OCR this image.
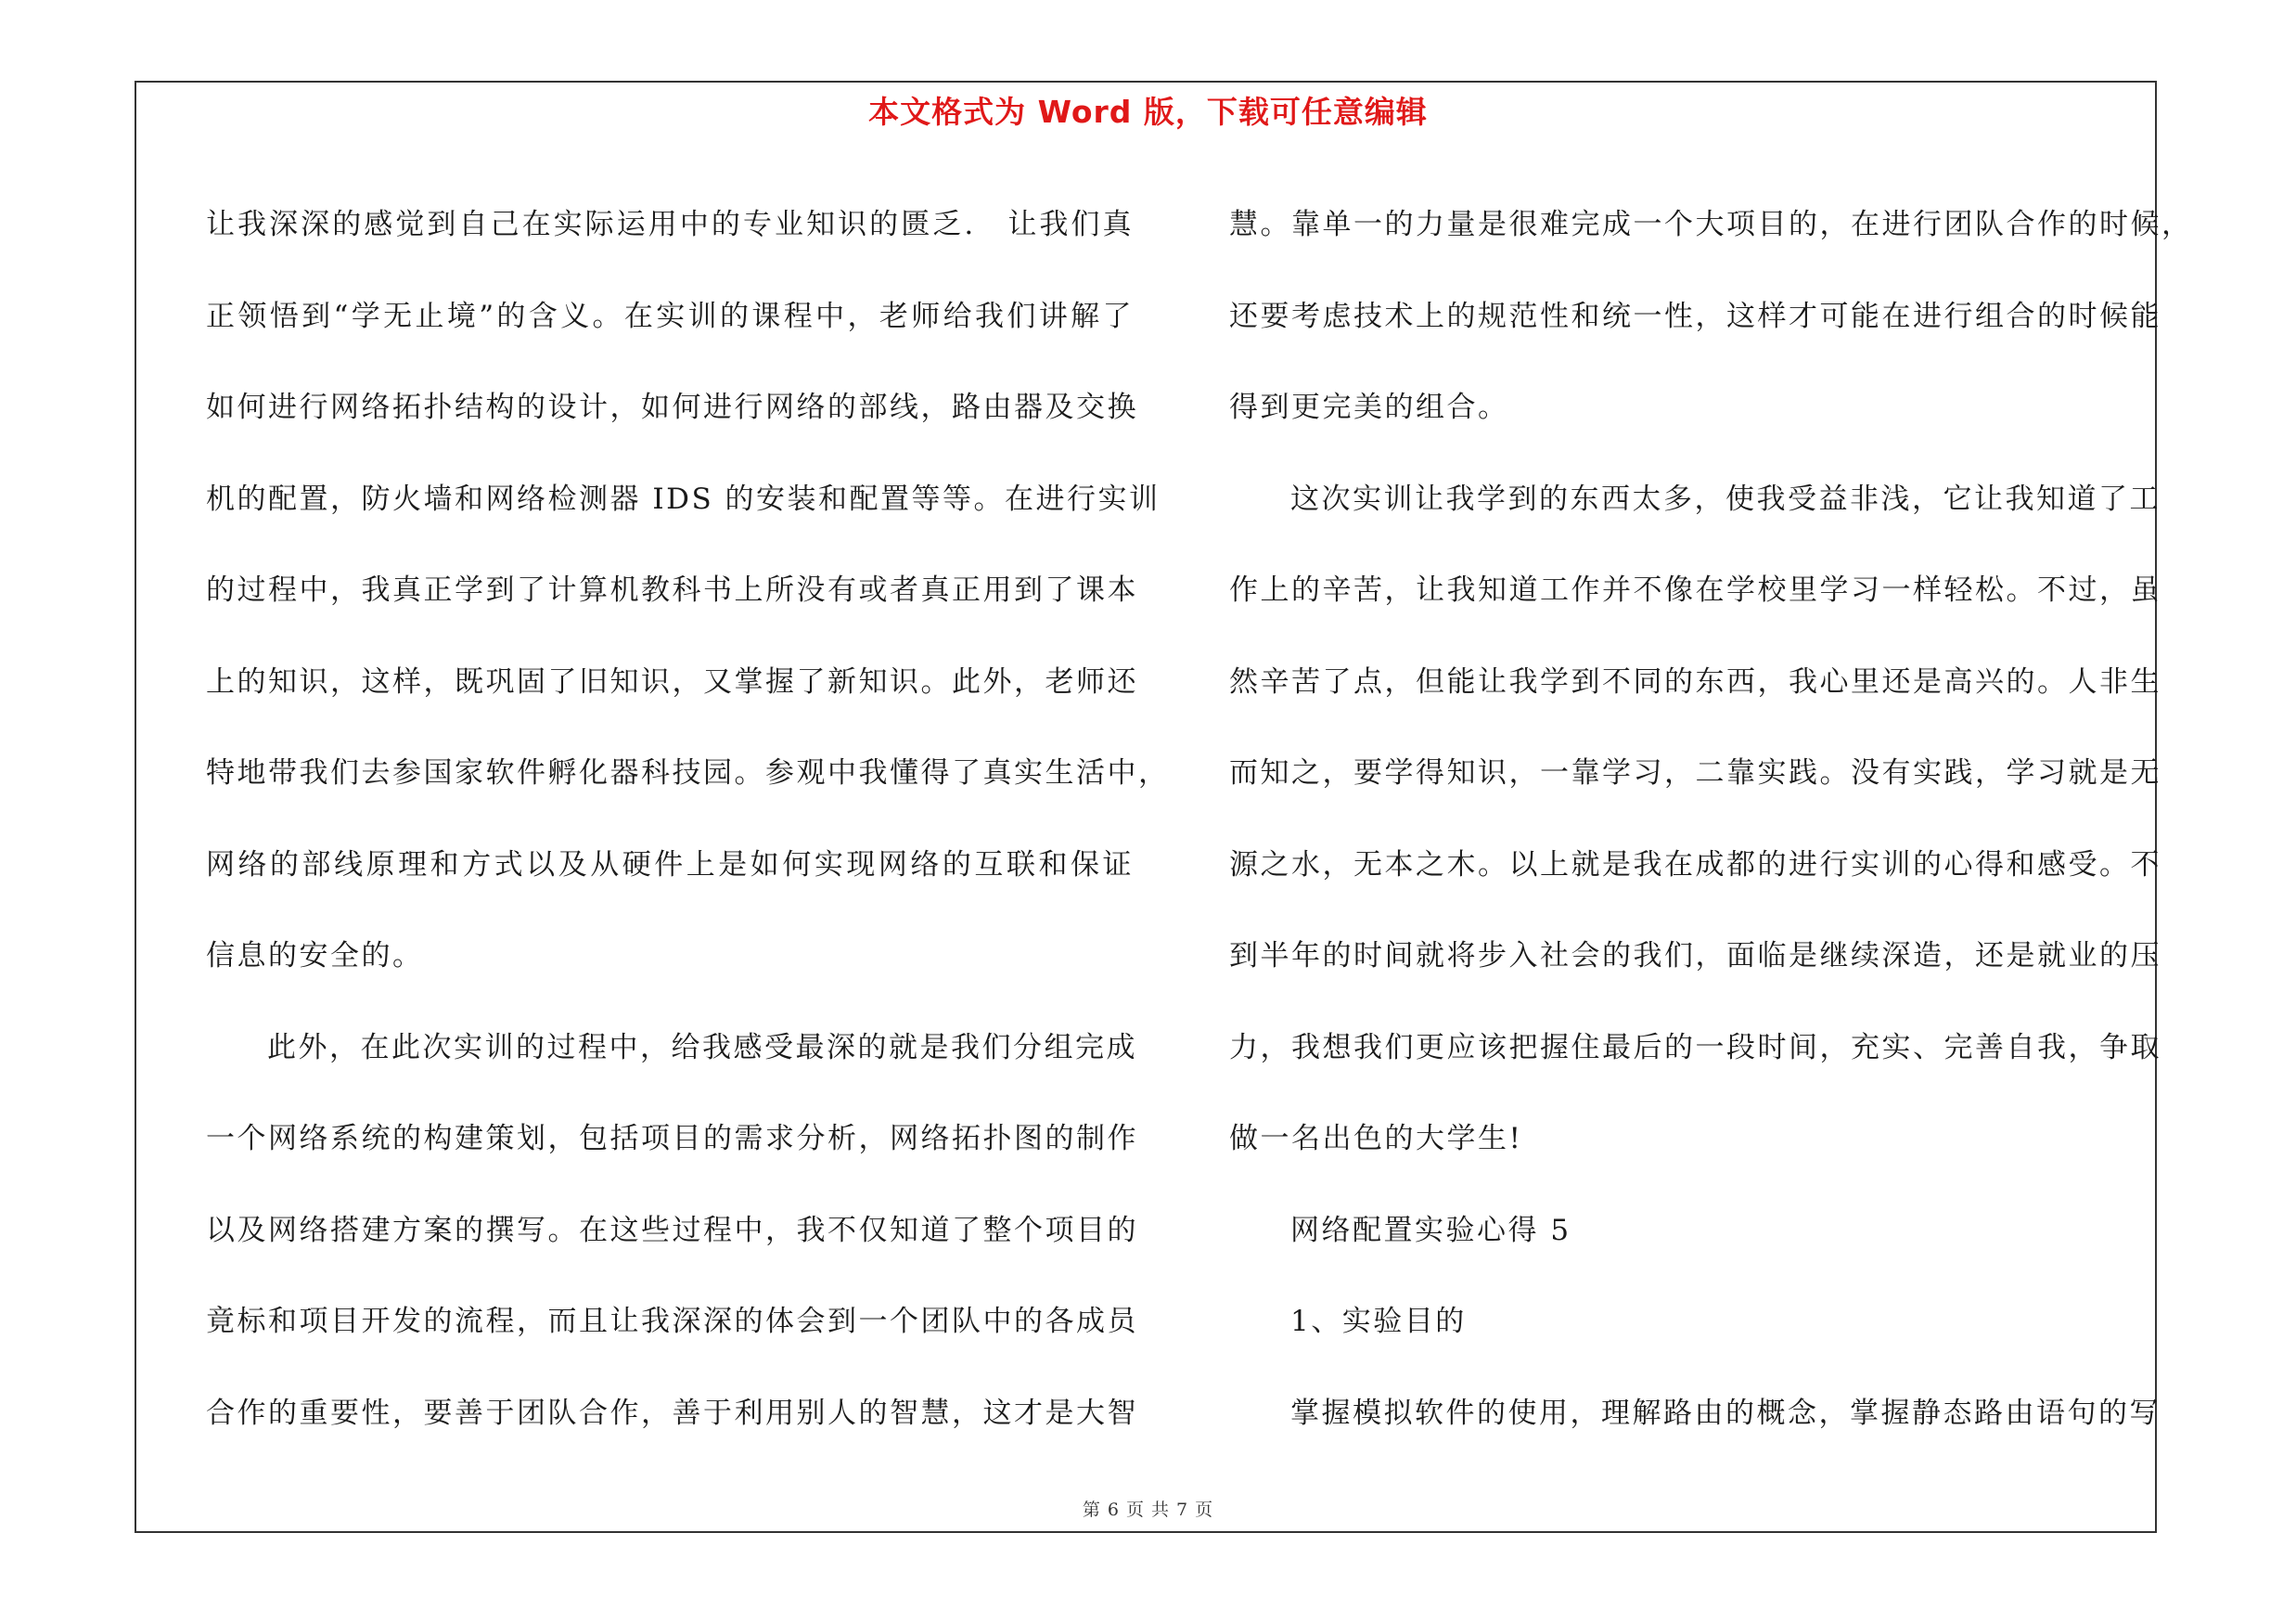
本文格式为 Word 版，下载可任意编辑
让我深深的感觉到自己在实际运用中的专业知识的匮乏.　让我们真
正领悟到“学无止境”的含义。在实训的课程中，老师给我们讲解了
如何进行网络拓扑结构的设计，如何进行网络的部线，路由器及交换
机的配置，防火墙和网络检测器 IDS 的安装和配置等等。在进行实训
的过程中，我真正学到了计算机教科书上所没有或者真正用到了课本
上的知识，这样，既巩固了旧知识，又掌握了新知识。此外，老师还
特地带我们去参国家软件孵化器科技园。参观中我懂得了真实生活中，
网络的部线原理和方式以及从硬件上是如何实现网络的互联和保证
信息的安全的。
此外，在此次实训的过程中，给我感受最深的就是我们分组完成
一个网络系统的构建策划，包括项目的需求分析，网络拓扑图的制作
以及网络搭建方案的撰写。在这些过程中，我不仅知道了整个项目的
竟标和项目开发的流程，而且让我深深的体会到一个团队中的各成员
合作的重要性，要善于团队合作，善于利用别人的智慧，这才是大智
慧。靠单一的力量是很难完成一个大项目的，在进行团队合作的时候，
还要考虑技术上的规范性和统一性，这样才可能在进行组合的时候能
得到更完美的组合。
这次实训让我学到的东西太多，使我受益非浅，它让我知道了工
作上的辛苦，让我知道工作并不像在学校里学习一样轻松。不过，虽
然辛苦了点，但能让我学到不同的东西，我心里还是高兴的。人非生
而知之，要学得知识，一靠学习，二靠实践。没有实践，学习就是无
源之水，无本之木。以上就是我在成都的进行实训的心得和感受。不
到半年的时间就将步入社会的我们，面临是继续深造，还是就业的压
力，我想我们更应该把握住最后的一段时间，充实、完善自我，争取
做一名出色的大学生!
网络配置实验心得 5
1、实验目的
掌握模拟软件的使用，理解路由的概念，掌握静态路由语句的写
第 6 页 共 7 页
